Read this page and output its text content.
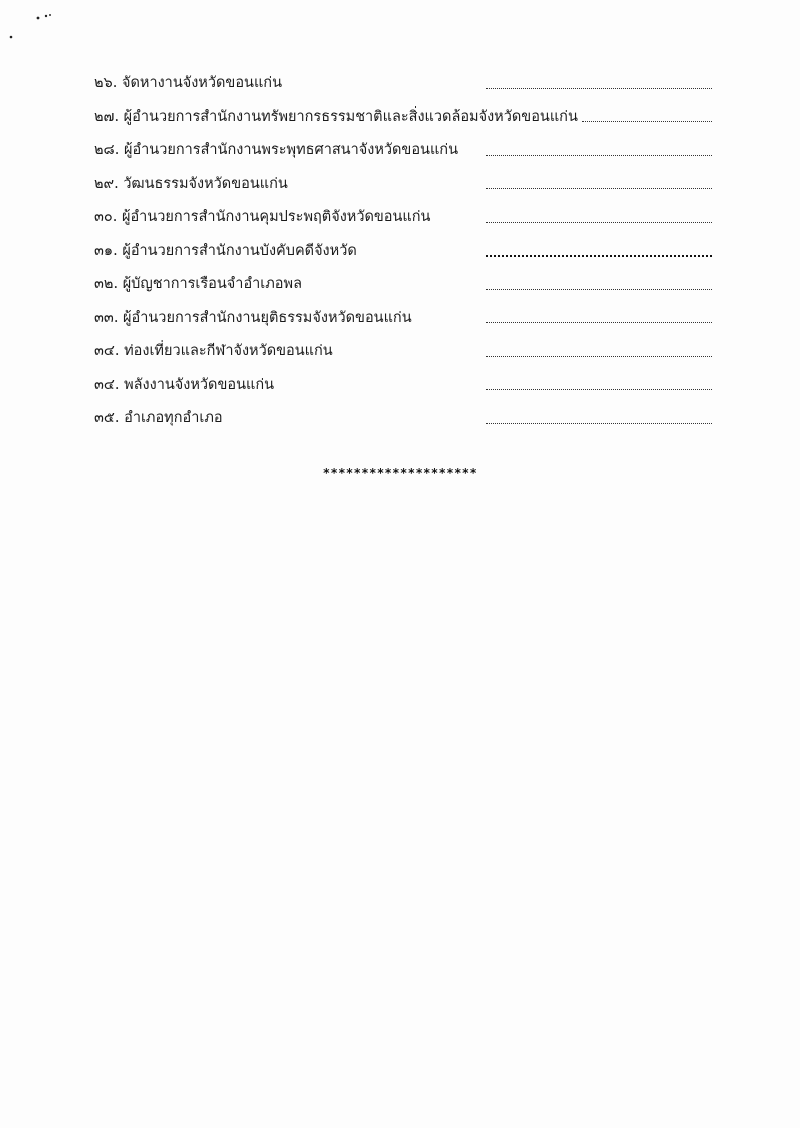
๒๖. จัดหางานจังหวัดขอนแก่น
๒๗. ผู้อำนวยการสำนักงานทรัพยากรธรรมชาติและสิ่งแวดล้อมจังหวัดขอนแก่น
๒๘. ผู้อำนวยการสำนักงานพระพุทธศาสนาจังหวัดขอนแก่น
๒๙. วัฒนธรรมจังหวัดขอนแก่น
๓๐. ผู้อำนวยการสำนักงานคุมประพฤติจังหวัดขอนแก่น
๓๑. ผู้อำนวยการสำนักงานบังคับคดีจังหวัด
๓๒. ผู้บัญชาการเรือนจำอำเภอพล
๓๓. ผู้อำนวยการสำนักงานยุติธรรมจังหวัดขอนแก่น
๓๔. ท่องเที่ยวและกีฬาจังหวัดขอนแก่น
๓๔. พลังงานจังหวัดขอนแก่น
๓๕. อำเภอทุกอำเภอ
********************
